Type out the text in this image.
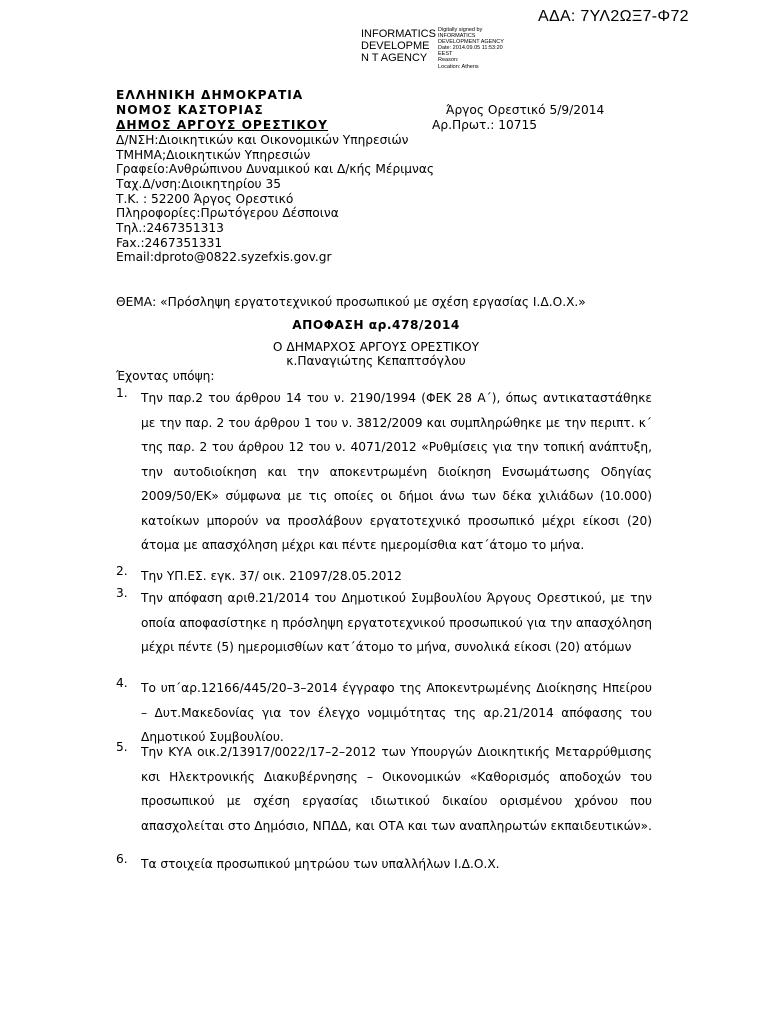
ΑΔΑ: 7ΥΛ2ΩΞ7-Φ72
INFORMATICS DEVELOPMEN T AGENCY
Digitally signed by
INFORMATICS
DEVELOPMENT AGENCY
Date: 2014.09.05 11:53:20
EEST
Reason:
Location: Athens
ΕΛΛΗΝΙΚΗ ΔΗΜΟΚΡΑΤΙΑ
ΝΟΜΟΣ ΚΑΣΤΟΡΙΑΣ
ΔΗΜΟΣ ΑΡΓΟΥΣ ΟΡΕΣΤΙΚΟΥ
Άργος Ορεστικό 5/9/2014
Αρ.Πρωτ.: 10715
Δ/ΝΣΗ:Διοικητικών και Οικονομικών Υπηρεσιών
ΤΜΗΜΑ;Διοικητικών Υπηρεσιών
Γραφείο:Ανθρώπινου Δυναμικού και Δ/κής Μέριμνας
Ταχ.Δ/νση:Διοικητηρίου 35
Τ.Κ. : 52200 Άργος Ορεστικό
Πληροφορίες:Πρωτόγερου Δέσποινα
Τηλ.:2467351313
Fax.:2467351331
Email:dproto@0822.syzefxis.gov.gr
ΘΕΜΑ: «Πρόσληψη εργατοτεχνικού προσωπικού με σχέση εργασίας Ι.Δ.Ο.Χ.»
ΑΠΟΦΑΣΗ αρ.478/2014
Ο ΔΗΜΑΡΧΟΣ ΑΡΓΟΥΣ ΟΡΕΣΤΙΚΟΥ
κ.Παναγιώτης Κεπαπτσόγλου
Έχοντας υπόψη:
1.	Την παρ.2 του άρθρου 14 του ν. 2190/1994 (ΦΕΚ 28 Α΄), όπως αντικαταστάθηκε με την παρ. 2 του άρθρου 1 του ν. 3812/2009 και συμπληρώθηκε με την περιπτ. κ΄ της παρ. 2 του άρθρου 12 του ν. 4071/2012 «Ρυθμίσεις για την τοπική ανάπτυξη, την αυτοδιοίκηση και την αποκεντρωμένη διοίκηση Ενσωμάτωσης Οδηγίας 2009/50/ΕΚ» σύμφωνα με τις οποίες οι δήμοι άνω των δέκα χιλιάδων (10.000) κατοίκων μπορούν να προσλάβουν εργατοτεχνικό προσωπικό μέχρι είκοσι (20) άτομα με απασχόληση μέχρι και πέντε ημερομίσθια κατ΄άτομο το μήνα.
2.	Την ΥΠ.ΕΣ. εγκ. 37/ οικ. 21097/28.05.2012
3.	Την απόφαση αριθ.21/2014 του Δημοτικού Συμβουλίου Άργους Ορεστικού, με την οποία αποφασίστηκε η πρόσληψη εργατοτεχνικού προσωπικού για την απασχόληση μέχρι πέντε (5) ημερομισθίων κατ΄άτομο το μήνα, συνολικά είκοσι (20) ατόμων
4.	Το υπ΄αρ.12166/445/20–3–2014 έγγραφο της Αποκεντρωμένης Διοίκησης Ηπείρου – Δυτ.Μακεδονίας για τον έλεγχο νομιμότητας της αρ.21/2014 απόφασης του Δημοτικού Συμβουλίου.
5.	Την ΚΥΑ οικ.2/13917/0022/17–2–2012 των Υπουργών Διοικητικής Μεταρρύθμισης κσι Ηλεκτρονικής Διακυβέρνησης – Οικονομικών «Καθορισμός αποδοχών του προσωπικού με σχέση εργασίας ιδιωτικού δικαίου ορισμένου χρόνου που απασχολείται στο Δημόσιο, ΝΠΔΔ, και ΟΤΑ και των αναπληρωτών εκπαιδευτικών».
6.	Τα στοιχεία προσωπικού μητρώου των υπαλλήλων Ι.Δ.Ο.Χ.
